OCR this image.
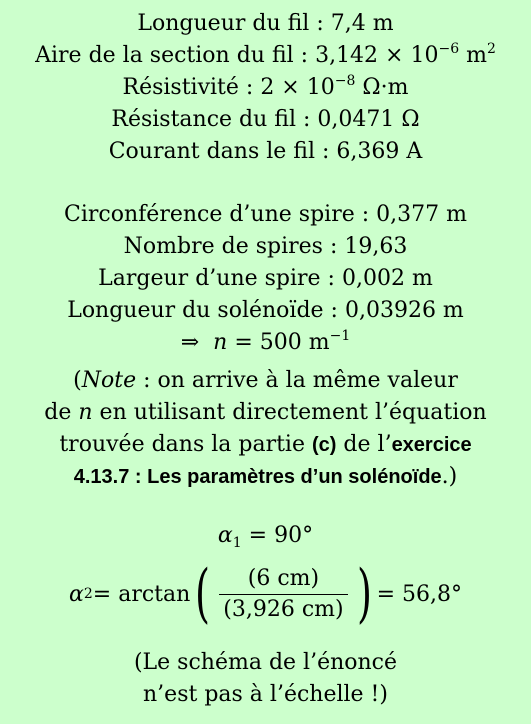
Longueur du fil : 7,4 m
Aire de la section du fil : $3,142 \times 10^{-6}$ $m^2$
Résistivité : $2 \times 10^{-8}$ Ω·m
Résistance du fil : 0,0471 Ω
Courant dans le fil : 6,369 A
Circonférence d’une spire : 0,377 m
Nombre de spires : 19,63
Largeur d’une spire : 0,002 m
Longueur du solénoïde : 0,03926 m
⇒ n = 500 $m^{-1}$
(Note : on arrive à la même valeur
de n en utilisant directement l’équation
trouvée dans la partie (c) de l’exercice
4.13.7 : Les paramètres d’un solénoïde.)
$\alpha_1 = 90^\circ$
α 2 = arctan ( $\frac{(6 cm)}{(3,926 cm)}$ ) = 56,8°
(Le schéma de l’énoncé
n’est pas à l’échelle !)
